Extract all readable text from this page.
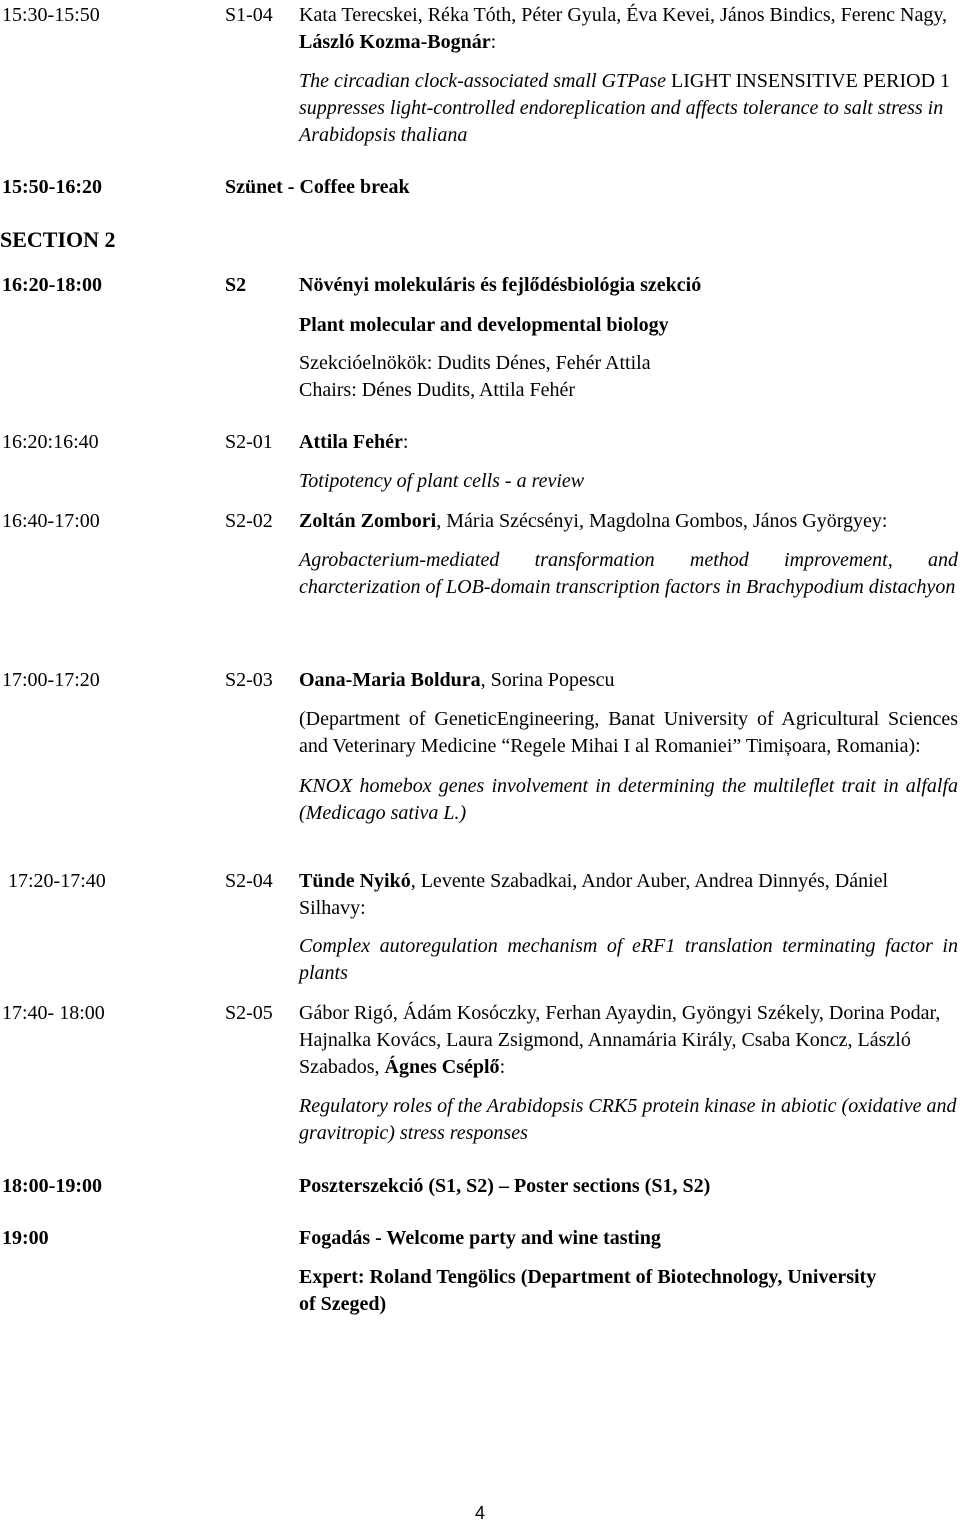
15:30-15:50	S1-04 Kata Terecskei, Réka Tóth, Péter Gyula, Éva Kevei, János Bindics, Ferenc Nagy, László Kozma-Bognár:
The circadian clock-associated small GTPase LIGHT INSENSITIVE PERIOD 1 suppresses light-controlled endoreplication and affects tolerance to salt stress in Arabidopsis thaliana
15:50-16:20	Szünet - Coffee break
SECTION 2
16:20-18:00	S2	Növényi molekuláris és fejlődésbiológia szekció
Plant molecular and developmental biology
Szekcióelnökök: Dudits Dénes, Fehér Attila
Chairs: Dénes Dudits, Attila Fehér
16:20:16:40	S2-01 Attila Fehér:
Totipotency of plant cells - a review
16:40-17:00	S2-02 Zoltán Zombori, Mária Szécsényi, Magdolna Gombos, János Györgyey:
Agrobacterium-mediated transformation method improvement, and charcterization of LOB-domain transcription factors in Brachypodium distachyon
17:00-17:20	S2-03 Oana-Maria Boldura, Sorina Popescu
(Department of GeneticEngineering, Banat University of Agricultural Sciences and Veterinary Medicine “Regele Mihai I al Romaniei” Timișoara, Romania):
KNOX homebox genes involvement in determining the multileflet trait in alfalfa (Medicago sativa L.)
17:20-17:40	S2-04 Tünde Nyikó, Levente Szabadkai, Andor Auber, Andrea Dinnyés, Dániel Silhavy:
Complex autoregulation mechanism of eRF1 translation terminating factor in plants
17:40- 18:00	S2-05 Gábor Rigó, Ádám Kosóczky, Ferhan Ayaydin, Gyöngyi Székely, Dorina Podar, Hajnalka Kovács, Laura Zsigmond, Annamária Király, Csaba Koncz, László Szabados, Ágnes Cséplő:
Regulatory roles of the Arabidopsis CRK5 protein kinase in abiotic (oxidative and gravitropic) stress responses
18:00-19:00	Poszterszekció (S1, S2) – Poster sections (S1, S2)
19:00	Fogadás - Welcome party and wine tasting
Expert: Roland Tengölics (Department of Biotechnology, University of Szeged)
4
